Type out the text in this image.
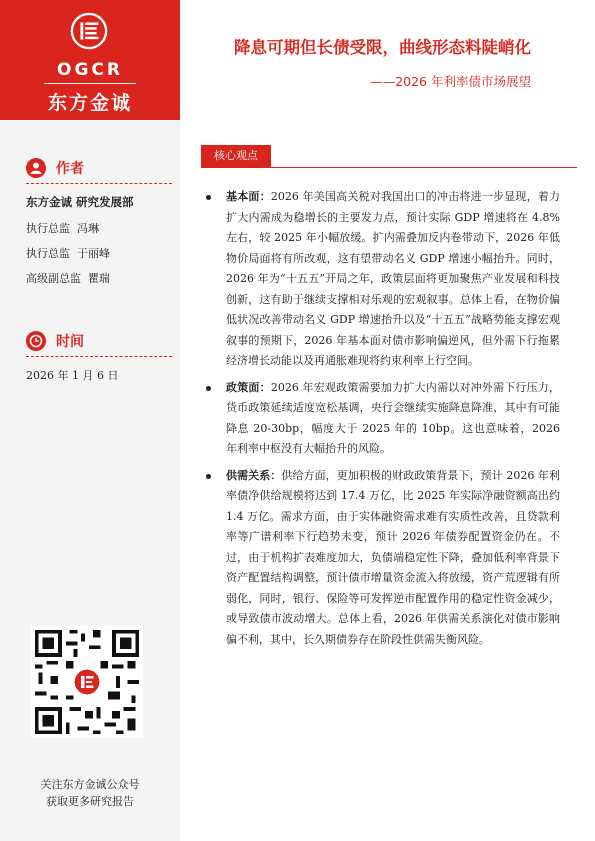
OGCR
东方金诚
作者
东方金诚 研究发展部
执行总监 冯琳
执行总监 于丽峰
高级副总监 瞿瑞
时间
2026 年 1 月 6 日
关注东方金诚公众号
获取更多研究报告
降息可期但长债受限，曲线形态料陡峭化
——2026 年利率债市场展望
核心观点
基本面：2026 年美国高关税对我国出口的冲击将进一步显现，着力扩大内需成为稳增长的主要发力点，预计实际 GDP 增速将在 4.8%左右，较 2025 年小幅放缓。扩内需叠加反内卷带动下，2026 年低物价局面将有所改观，这有望带动名义 GDP 增速小幅抬升。同时，2026 年为“十五五”开局之年，政策层面将更加聚焦产业发展和科技创新，这有助于继续支撑相对乐观的宏观叙事。总体上看，在物价偏低状况改善带动名义 GDP 增速抬升以及“十五五”战略势能支撑宏观叙事的预期下，2026 年基本面对债市影响偏逆风，但外需下行拖累经济增长动能以及再通胀难现将约束利率上行空间。
政策面：2026 年宏观政策需要加力扩大内需以对冲外需下行压力，货币政策延续适度宽松基调，央行会继续实施降息降准，其中有可能降息 20-30bp，幅度大于 2025 年的 10bp。这也意味着，2026 年利率中枢没有大幅抬升的风险。
供需关系：供给方面，更加积极的财政政策背景下，预计 2026 年利率债净供给规模将达到 17.4 万亿，比 2025 年实际净融资额高出约 1.4 万亿。需求方面，由于实体融资需求难有实质性改善，且贷款利率等广谱利率下行趋势未变，预计 2026 年债券配置资金仍在。不过，由于机构扩表难度加大，负债端稳定性下降，叠加低利率背景下资产配置结构调整，预计债市增量资金流入将放缓，资产荒逻辑有所弱化，同时，银行、保险等可发挥逆市配置作用的稳定性资金减少，或导致债市波动增大。总体上看，2026 年供需关系演化对债市影响偏不利，其中，长久期债券存在阶段性供需失衡风险。
